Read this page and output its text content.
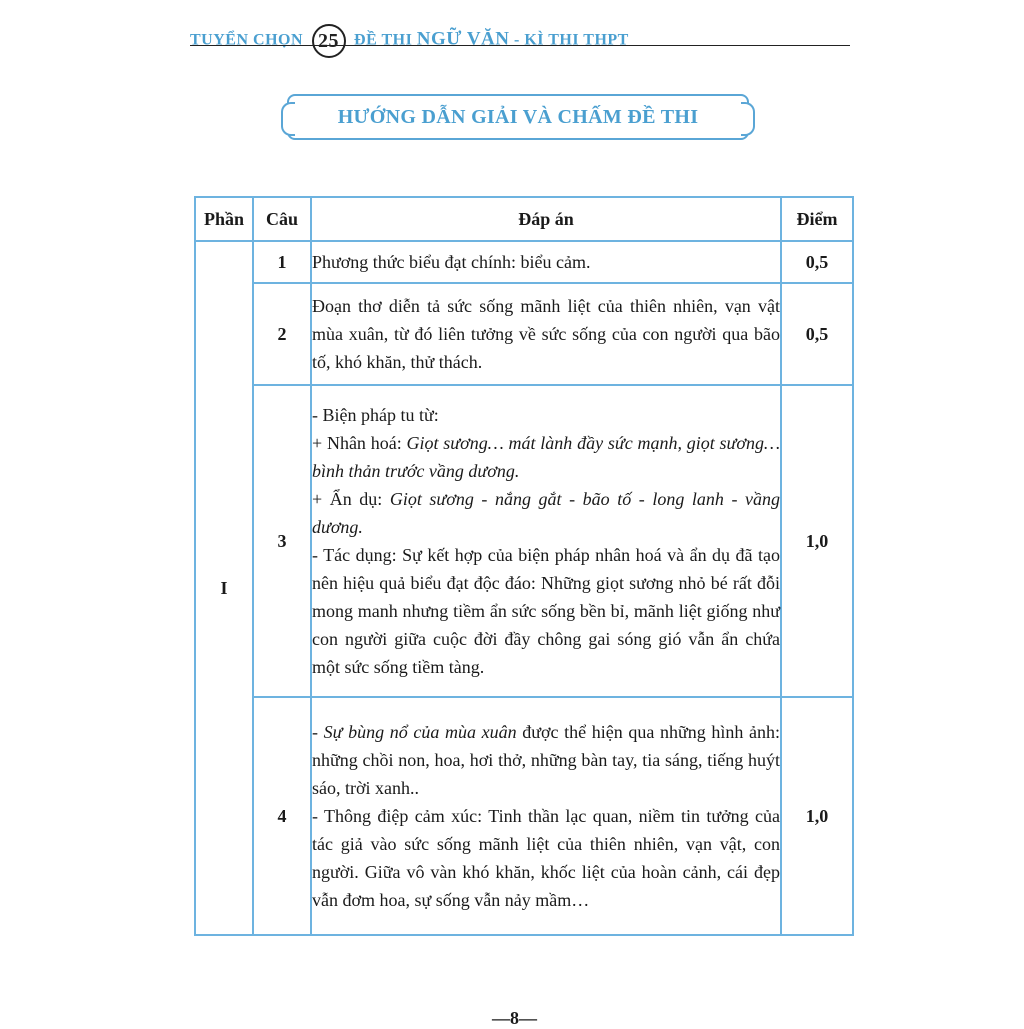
TUYỂN CHỌN 25 ĐỀ THI NGỮ VĂN - KÌ THI THPT
HƯỚNG DẪN GIẢI VÀ CHẤM ĐỀ THI
Phần	Câu	Đáp án	Điểm
I	1	Phương thức biểu đạt chính: biểu cảm.	0,5
	2	Đoạn thơ diễn tả sức sống mãnh liệt của thiên nhiên, vạn vật mùa xuân, từ đó liên tưởng về sức sống của con người qua bão tố, khó khăn, thử thách.	0,5
	3	- Biện pháp tu từ:

+ Nhân hoá: Giọt sương… mát lành đầy sức mạnh, giọt sương… bình thản trước vầng dương.

+ Ẩn dụ: Giọt sương - nắng gắt - bão tố - long lanh - vầng dương.

- Tác dụng: Sự kết hợp của biện pháp nhân hoá và ẩn dụ đã tạo nên hiệu quả biểu đạt độc đáo: Những giọt sương nhỏ bé rất đỗi mong manh nhưng tiềm ẩn sức sống bền bỉ, mãnh liệt giống như con người giữa cuộc đời đầy chông gai sóng gió vẫn ẩn chứa một sức sống tiềm tàng.	1,0
	4	- Sự bùng nổ của mùa xuân được thể hiện qua những hình ảnh: những chồi non, hoa, hơi thở, những bàn tay, tia sáng, tiếng huýt sáo, trời xanh..

- Thông điệp cảm xúc: Tinh thần lạc quan, niềm tin tưởng của tác giả vào sức sống mãnh liệt của thiên nhiên, vạn vật, con người. Giữa vô vàn khó khăn, khốc liệt của hoàn cảnh, cái đẹp vẫn đơm hoa, sự sống vẫn nảy mầm…	1,0
—8—
